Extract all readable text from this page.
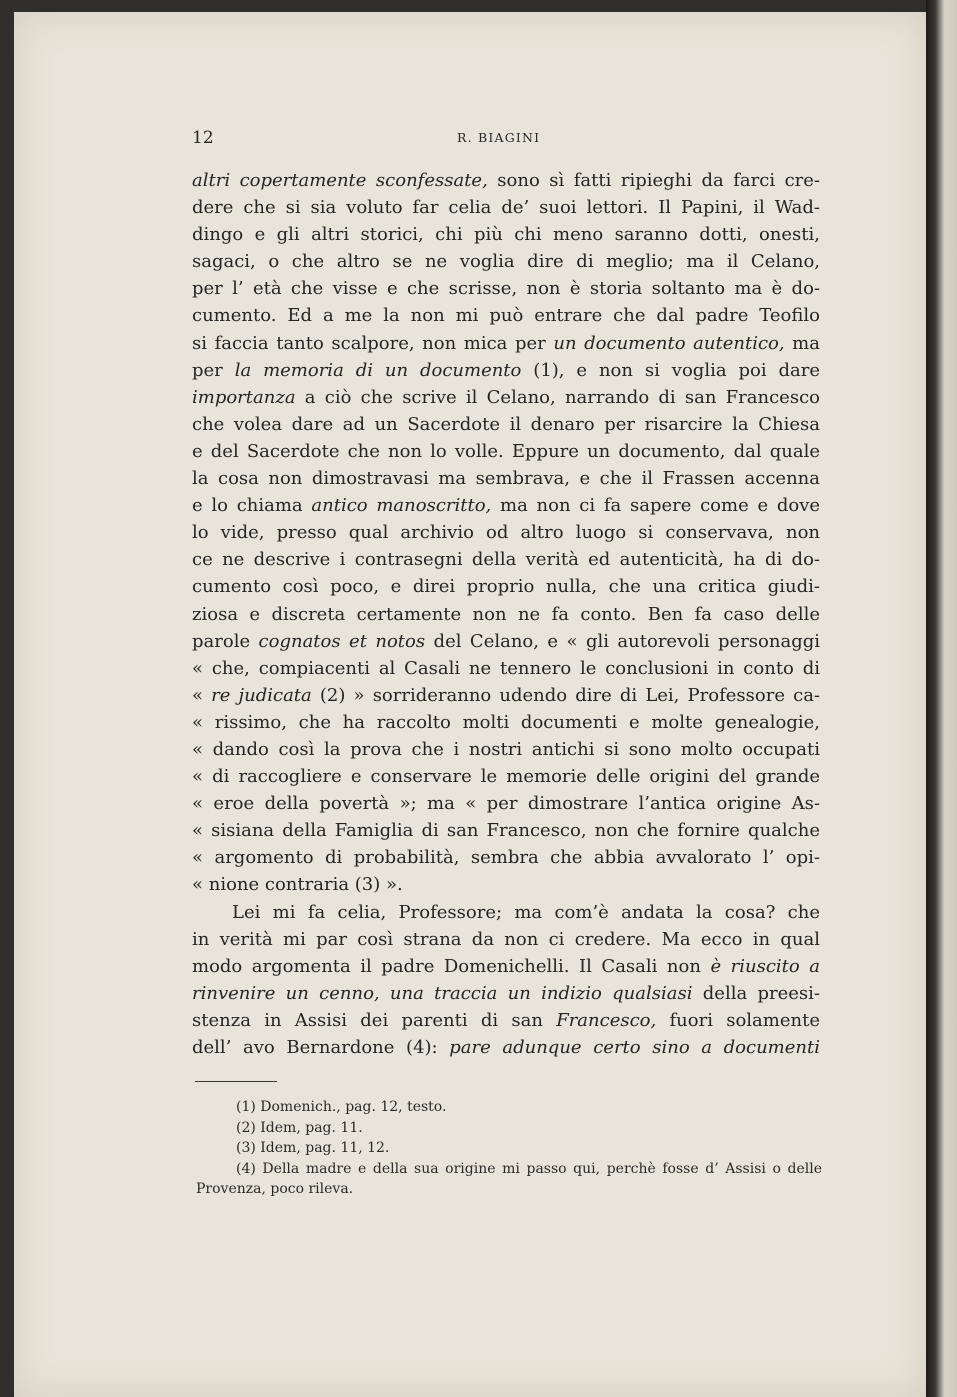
12	R. BIAGINI
altri copertamente sconfessate, sono sì fatti ripieghi da farci cre-
dere che si sia voluto far celia de’ suoi lettori. Il Papini, il Wad-
dingo e gli altri storici, chi più chi meno saranno dotti, onesti,
sagaci, o che altro se ne voglia dire di meglio; ma il Celano,
per l’ età che visse e che scrisse, non è storia soltanto ma è do-
cumento. Ed a me la non mi può entrare che dal padre Teofilo
si faccia tanto scalpore, non mica per un documento autentico, ma
per la memoria di un documento (1), e non si voglia poi dare
importanza a ciò che scrive il Celano, narrando di san Francesco
che volea dare ad un Sacerdote il denaro per risarcire la Chiesa
e del Sacerdote che non lo volle. Eppure un documento, dal quale
la cosa non dimostravasi ma sembrava, e che il Frassen accenna
e lo chiama antico manoscritto, ma non ci fa sapere come e dove
lo vide, presso qual archivio od altro luogo si conservava, non
ce ne descrive i contrasegni della verità ed autenticità, ha di do-
cumento così poco, e direi proprio nulla, che una critica giudi-
ziosa e discreta certamente non ne fa conto. Ben fa caso delle
parole cognatos et notos del Celano, e « gli autorevoli personaggi
« che, compiacenti al Casali ne tennero le conclusioni in conto di
« re judicata (2) » sorrideranno udendo dire di Lei, Professore ca-
« rissimo, che ha raccolto molti documenti e molte genealogie,
« dando così la prova che i nostri antichi si sono molto occupati
« di raccogliere e conservare le memorie delle origini del grande
« eroe della povertà »; ma « per dimostrare l’antica origine As-
« sisiana della Famiglia di san Francesco, non che fornire qualche
« argomento di probabilità, sembra che abbia avvalorato l’ opi-
« nione contraria (3) ».
Lei mi fa celia, Professore; ma com’è andata la cosa? che
in verità mi par così strana da non ci credere. Ma ecco in qual
modo argomenta il padre Domenichelli. Il Casali non è riuscito a
rinvenire un cenno, una traccia un indizio qualsiasi della preesi-
stenza in Assisi dei parenti di san Francesco, fuori solamente
dell’ avo Bernardone (4): pare adunque certo sino a documenti
(1) Domenich., pag. 12, testo.
(2) Idem, pag. 11.
(3) Idem, pag. 11, 12.
(4) Della madre e della sua origine mi passo qui, perchè fosse d’ Assisi o delle
Provenza, poco rileva.
